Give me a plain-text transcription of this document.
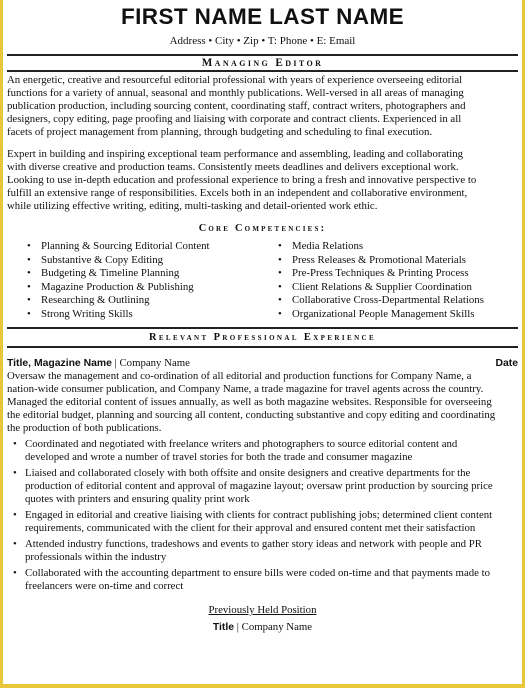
FIRST NAME LAST NAME
Address • City • Zip • T: Phone • E: Email
Managing Editor
An energetic, creative and resourceful editorial professional with years of experience overseeing editorial
functions for a variety of annual, seasonal and monthly publications. Well-versed in all areas of managing
publication production, including sourcing content, coordinating staff, contract writers, photographers and
designers, copy editing, page proofing and liaising with corporate and contract clients. Experienced in all
facets of project management from planning, through budgeting and scheduling to final execution.
Expert in building and inspiring exceptional team performance and assembling, leading and collaborating
with diverse creative and production teams. Consistently meets deadlines and delivers exceptional work.
Looking to use in-depth education and professional experience to bring a fresh and innovative perspective to
fulfill an extensive range of responsibilities. Excels both in an independent and collaborative environment,
while utilizing effective writing, editing, multi-tasking and detail-oriented work ethic.
Core Competencies:
• Planning & Sourcing Editorial Content
• Substantive & Copy Editing
• Budgeting & Timeline Planning
• Magazine Production & Publishing
• Researching & Outlining
• Strong Writing Skills
• Media Relations
• Press Releases & Promotional Materials
• Pre-Press Techniques & Printing Process
• Client Relations & Supplier Coordination
• Collaborative Cross-Departmental Relations
• Organizational People Management Skills
Relevant Professional Experience
Title, Magazine Name | Company Name	Date
Oversaw the management and co-ordination of all editorial and production functions for Company Name, a
nation-wide consumer publication, and Company Name, a trade magazine for travel agents across the country.
Managed the editorial content of issues annually, as well as both magazine websites. Responsible for overseeing
the editorial budget, planning and sourcing all content, conducting substantive and copy editing and coordinating
the production of both publications.
• Coordinated and negotiated with freelance writers and photographers to source editorial content and
developed and wrote a number of travel stories for both the trade and consumer magazine
• Liaised and collaborated closely with both offsite and onsite designers and creative departments for the
production of editorial content and approval of magazine layout; oversaw print production by sourcing price
quotes with printers and ensuring quality print work
• Engaged in editorial and creative liaising with clients for contract publishing jobs; determined client content
requirements, communicated with the client for their approval and ensured content met their satisfaction
• Attended industry functions, tradeshows and events to gather story ideas and network with people and PR
professionals within the industry
• Collaborated with the accounting department to ensure bills were coded on-time and that payments made to
freelancers were on-time and correct
Previously Held Position
Title | Company Name
